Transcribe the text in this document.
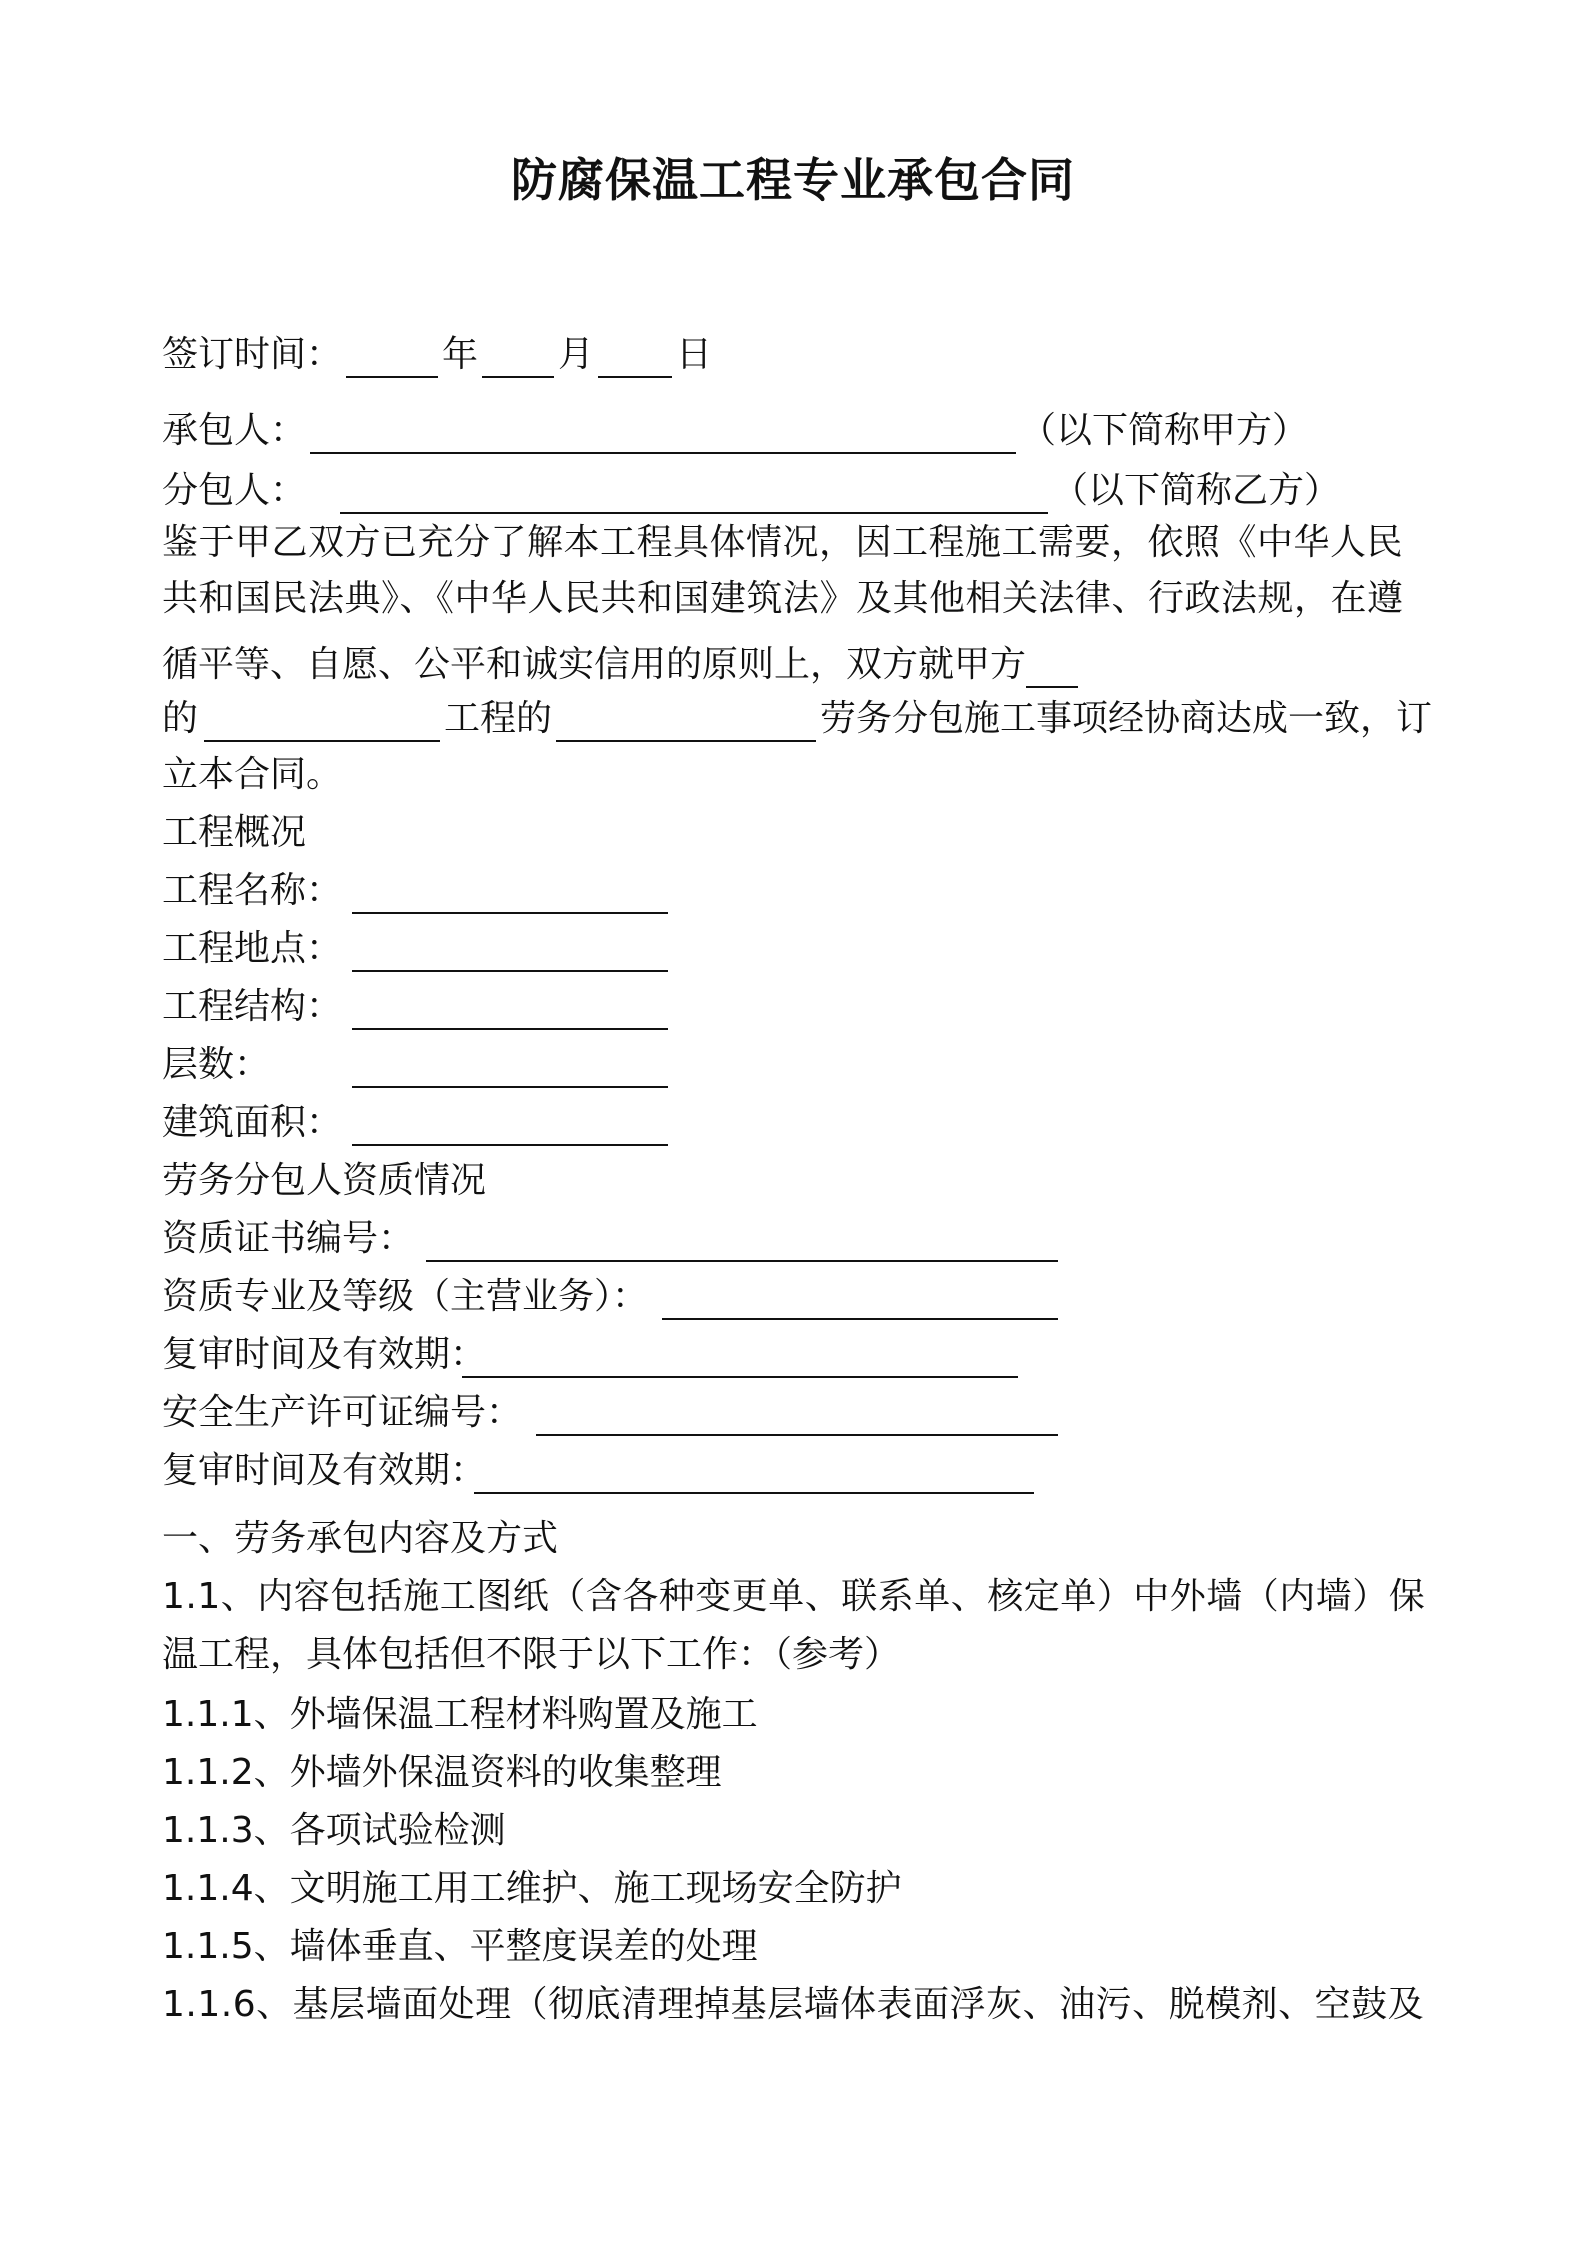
防腐保温工程专业承包合同
签订时间：	年 月 日
承包人：	（以下简称甲方）
分包人：	（以下简称乙方）
鉴于甲乙双方已充分了解本工程具体情况，因工程施工需要，依照《中华人民
共和国民法典》、《中华人民共和国建筑法》及其他相关法律、行政法规，在遵
循平等、自愿、公平和诚实信用的原则上，双方就甲方
的	工程的	劳务分包施工事项经协商达成一致，订
立本合同。
工程概况
工程名称：
工程地点：
工程结构：
层数：
建筑面积：
劳务分包人资质情况
资质证书编号：
资质专业及等级（主营业务）：
复审时间及有效期：
安全生产许可证编号：
复审时间及有效期：
一、劳务承包内容及方式
1.1、内容包括施工图纸（含各种变更单、联系单、核定单）中外墙（内墙）保
温工程，具体包括但不限于以下工作：（参考）
1.1.1、外墙保温工程材料购置及施工
1.1.2、外墙外保温资料的收集整理
1.1.3、各项试验检测
1.1.4、文明施工用工维护、施工现场安全防护
1.1.5、墙体垂直、平整度误差的处理
1.1.6、基层墙面处理（彻底清理掉基层墙体表面浮灰、油污、脱模剂、空鼓及
